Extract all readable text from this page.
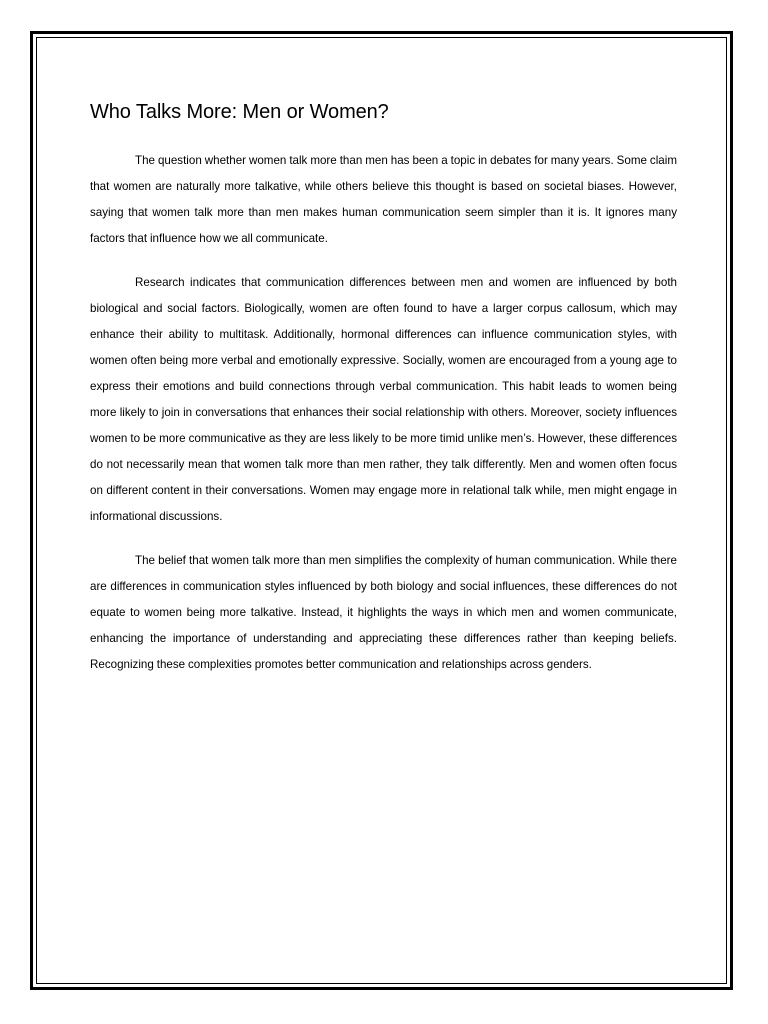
Who Talks More: Men or Women?

The question whether women talk more than men has been a topic in debates for many years. Some claim that women are naturally more talkative, while others believe this thought is based on societal biases. However, saying that women talk more than men makes human communication seem simpler than it is. It ignores many factors that influence how we all communicate.

Research indicates that communication differences between men and women are influenced by both biological and social factors. Biologically, women are often found to have a larger corpus callosum, which may enhance their ability to multitask. Additionally, hormonal differences can influence communication styles, with women often being more verbal and emotionally expressive. Socially, women are encouraged from a young age to express their emotions and build connections through verbal communication. This habit leads to women being more likely to join in conversations that enhances their social relationship with others. Moreover, society influences women to be more communicative as they are less likely to be more timid unlike men’s. However, these differences do not necessarily mean that women talk more than men rather, they talk differently. Men and women often focus on different content in their conversations. Women may engage more in relational talk while, men might engage in informational discussions.

The belief that women talk more than men simplifies the complexity of human communication. While there are differences in communication styles influenced by both biology and social influences, these differences do not equate to women being more talkative. Instead, it highlights the ways in which men and women communicate, enhancing the importance of understanding and appreciating these differences rather than keeping beliefs. Recognizing these complexities promotes better communication and relationships across genders.
